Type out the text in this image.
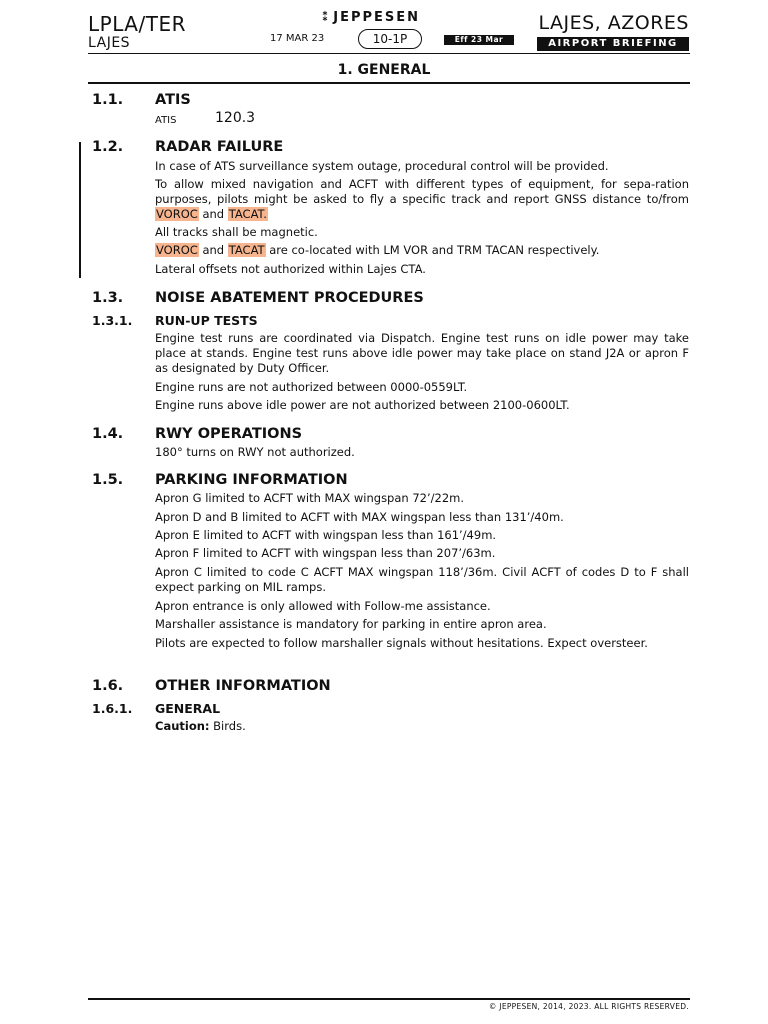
LPLA/TER
LAJES
⁑ JEPPESEN
17 MAR 23	10-1P	Eff 23 Mar
LAJES, AZORES
AIRPORT BRIEFING
1. GENERAL
1.1. ATIS
ATIS	120.3
1.2. RADAR FAILURE
In case of ATS surveillance system outage, procedural control will be provided.
To allow mixed navigation and ACFT with different types of equipment, for sepa-ration purposes, pilots might be asked to fly a specific track and report GNSS distance to/from VOROC and TACAT.
All tracks shall be magnetic.
VOROC and TACAT are co-located with LM VOR and TRM TACAN respectively.
Lateral offsets not authorized within Lajes CTA.
1.3. NOISE ABATEMENT PROCEDURES
1.3.1. RUN-UP TESTS
Engine test runs are coordinated via Dispatch. Engine test runs on idle power may take place at stands. Engine test runs above idle power may take place on stand J2A or apron F as designated by Duty Officer.
Engine runs are not authorized between 0000-0559LT.
Engine runs above idle power are not authorized between 2100-0600LT.
1.4. RWY OPERATIONS
180° turns on RWY not authorized.
1.5. PARKING INFORMATION
Apron G limited to ACFT with MAX wingspan 72’/22m.
Apron D and B limited to ACFT with MAX wingspan less than 131’/40m.
Apron E limited to ACFT with wingspan less than 161’/49m.
Apron F limited to ACFT with wingspan less than 207’/63m.
Apron C limited to code C ACFT MAX wingspan 118’/36m. Civil ACFT of codes D to F shall expect parking on MIL ramps.
Apron entrance is only allowed with Follow-me assistance.
Marshaller assistance is mandatory for parking in entire apron area.
Pilots are expected to follow marshaller signals without hesitations. Expect oversteer.
1.6. OTHER INFORMATION
1.6.1. GENERAL
Caution: Birds.
© JEPPESEN, 2014, 2023. ALL RIGHTS RESERVED.
